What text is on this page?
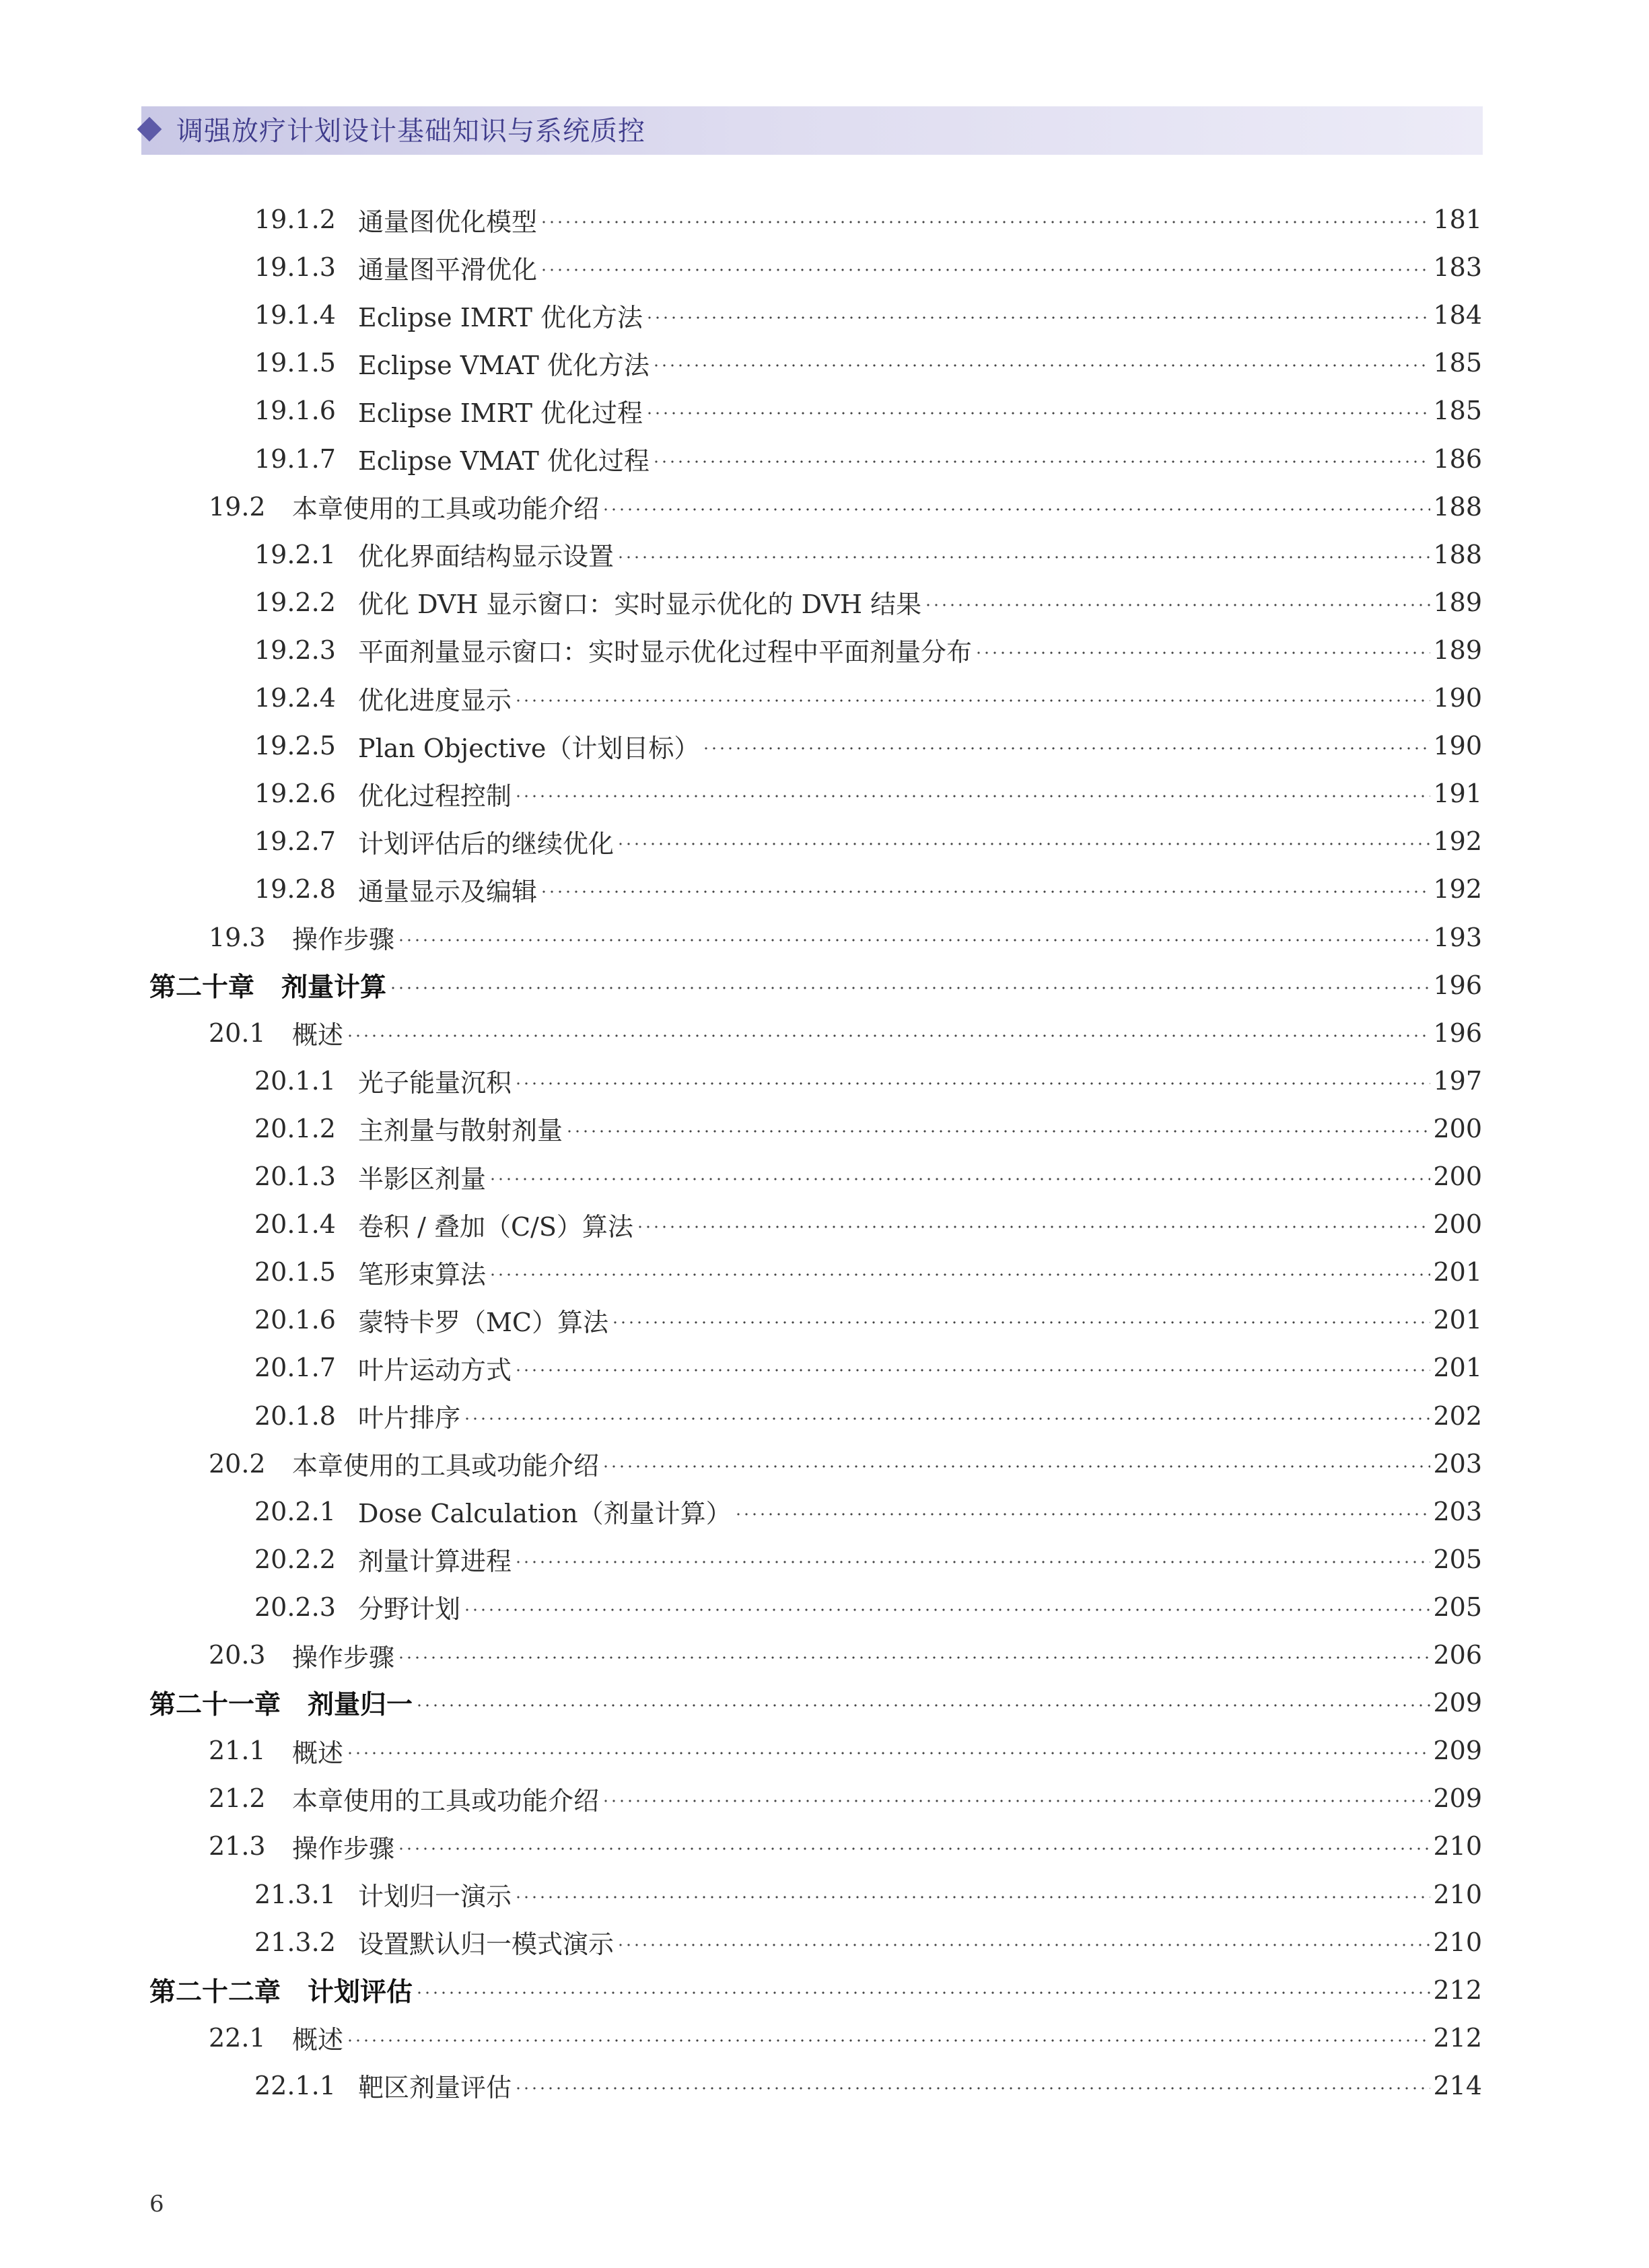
调强放疗计划设计基础知识与系统质控
19.1.2 通量图优化模型	181
19.1.3 通量图平滑优化	183
19.1.4 Eclipse IMRT 优化方法	184
19.1.5 Eclipse VMAT 优化方法	185
19.1.6 Eclipse IMRT 优化过程	185
19.1.7 Eclipse VMAT 优化过程	186
19.2	本章使用的工具或功能介绍	188
19.2.1 优化界面结构显示设置	188
19.2.2 优化 DVH 显示窗口：实时显示优化的 DVH 结果	189
19.2.3 平面剂量显示窗口：实时显示优化过程中平面剂量分布	189
19.2.4 优化进度显示	190
19.2.5 Plan Objective（计划目标）	190
19.2.6 优化过程控制	191
19.2.7 计划评估后的继续优化	192
19.2.8 通量显示及编辑	192
19.3	操作步骤	193
第二十章 剂量计算	196
20.1	概述	196
20.1.1 光子能量沉积	197
20.1.2 主剂量与散射剂量	200
20.1.3 半影区剂量	200
20.1.4 卷积 / 叠加（C/S）算法	200
20.1.5 笔形束算法	201
20.1.6 蒙特卡罗（MC）算法	201
20.1.7 叶片运动方式	201
20.1.8 叶片排序	202
20.2	本章使用的工具或功能介绍	203
20.2.1 Dose Calculation（剂量计算）	203
20.2.2 剂量计算进程	205
20.2.3 分野计划	205
20.3	操作步骤	206
第二十一章 剂量归一	209
21.1	概述	209
21.2	本章使用的工具或功能介绍	209
21.3	操作步骤	210
21.3.1 计划归一演示	210
21.3.2 设置默认归一模式演示	210
第二十二章 计划评估	212
22.1	概述	212
22.1.1 靶区剂量评估	214
6
